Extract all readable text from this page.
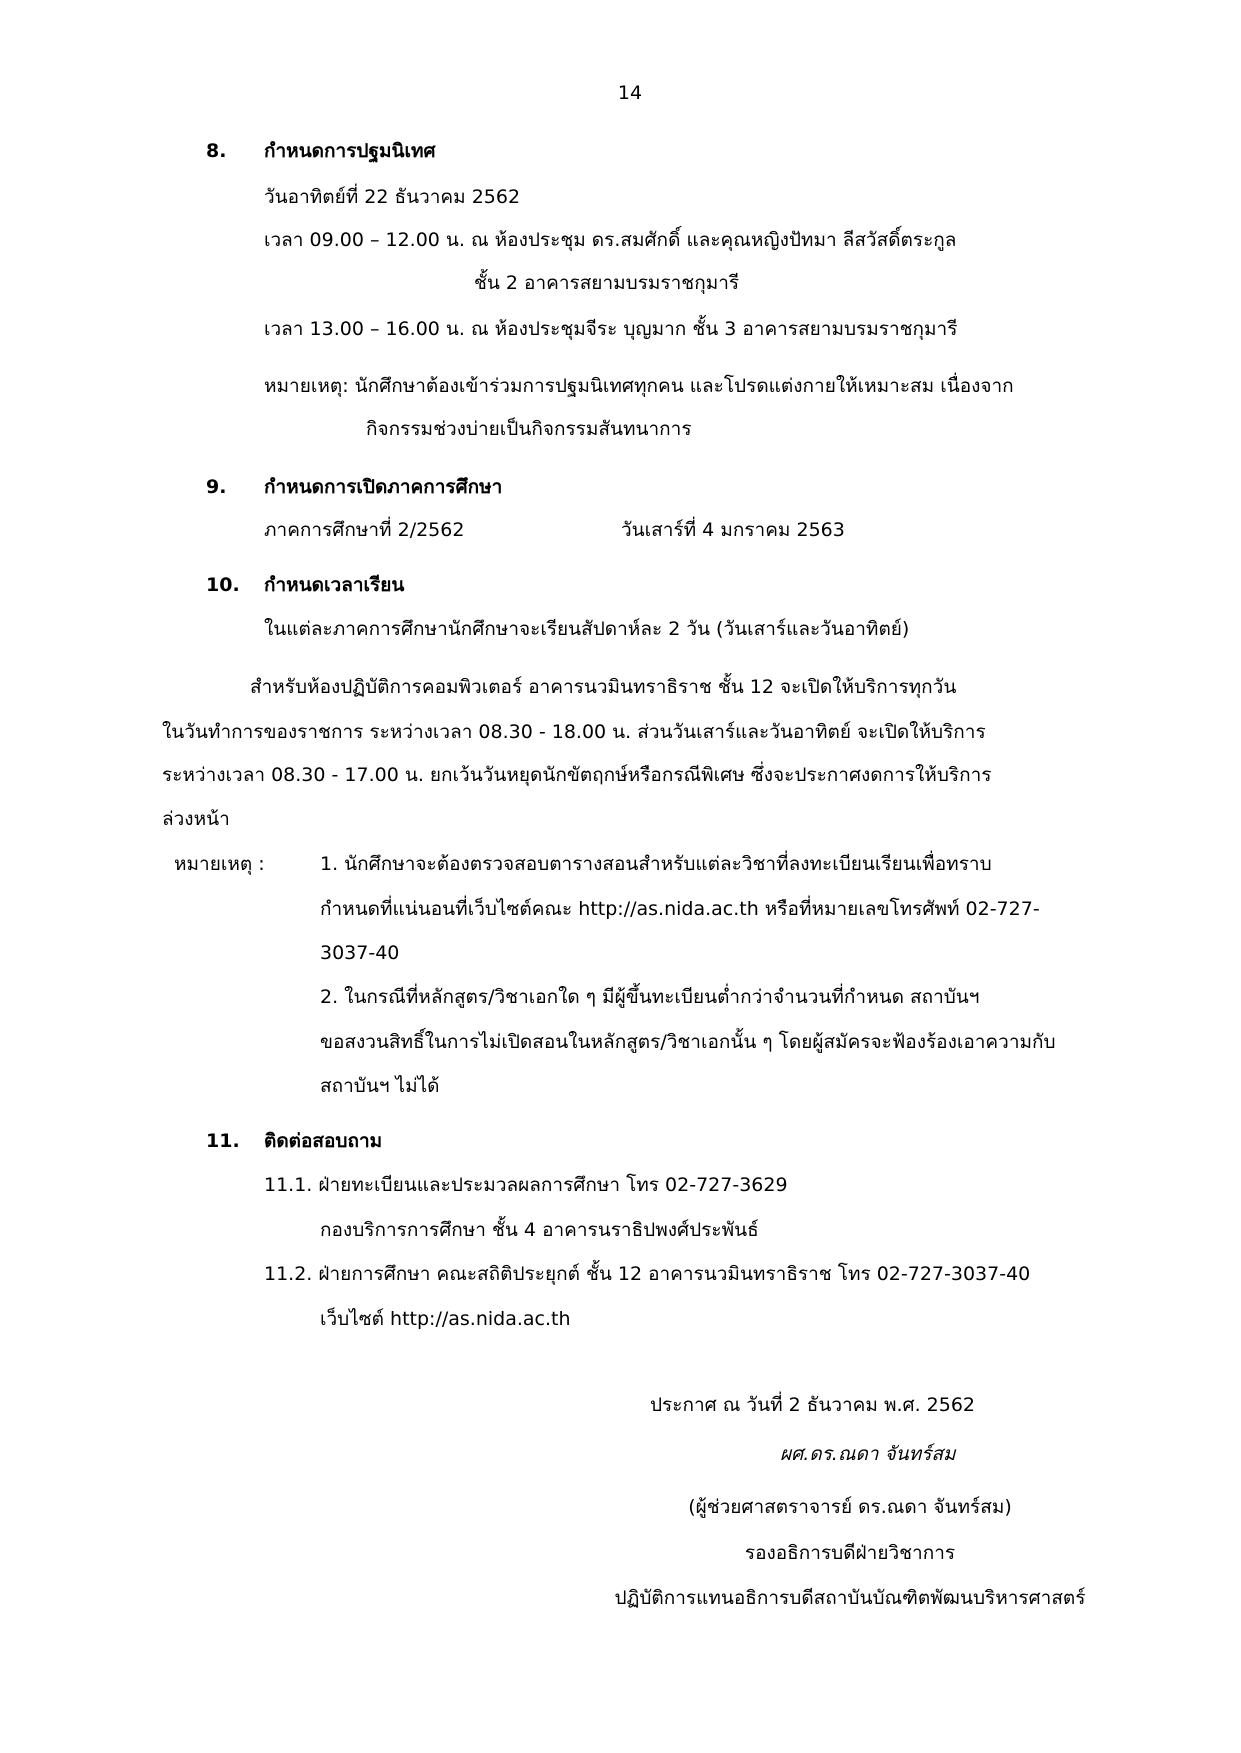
14
8. กำหนดการปฐมนิเทศ
วันอาทิตย์ที่ 22 ธันวาคม 2562
เวลา 09.00 – 12.00 น. ณ ห้องประชุม ดร.สมศักดิ์ และคุณหญิงปัทมา ลีสวัสดิ์ตระกูล
ชั้น 2 อาคารสยามบรมราชกุมารี
เวลา 13.00 – 16.00 น. ณ ห้องประชุมจีระ บุญมาก ชั้น 3 อาคารสยามบรมราชกุมารี
หมายเหตุ: นักศึกษาต้องเข้าร่วมการปฐมนิเทศทุกคน และโปรดแต่งกายให้เหมาะสม เนื่องจาก
กิจกรรมช่วงบ่ายเป็นกิจกรรมสันทนาการ
9. กำหนดการเปิดภาคการศึกษา
ภาคการศึกษาที่ 2/2562	วันเสาร์ที่ 4 มกราคม 2563
10. กำหนดเวลาเรียน
ในแต่ละภาคการศึกษานักศึกษาจะเรียนสัปดาห์ละ 2 วัน (วันเสาร์และวันอาทิตย์)
สำหรับห้องปฏิบัติการคอมพิวเตอร์ อาคารนวมินทราธิราช ชั้น 12 จะเปิดให้บริการทุกวัน
ในวันทำการของราชการ ระหว่างเวลา 08.30 - 18.00 น. ส่วนวันเสาร์และวันอาทิตย์ จะเปิดให้บริการ
ระหว่างเวลา 08.30 - 17.00 น. ยกเว้นวันหยุดนักขัตฤกษ์หรือกรณีพิเศษ ซึ่งจะประกาศงดการให้บริการ
ล่วงหน้า
หมายเหตุ :	1. นักศึกษาจะต้องตรวจสอบตารางสอนสำหรับแต่ละวิชาที่ลงทะเบียนเรียนเพื่อทราบ
กำหนดที่แน่นอนที่เว็บไซต์คณะ http://as.nida.ac.th หรือที่หมายเลขโทรศัพท์ 02-727-
3037-40
2. ในกรณีที่หลักสูตร/วิชาเอกใด ๆ มีผู้ขึ้นทะเบียนต่ำกว่าจำนวนที่กำหนด สถาบันฯ
ขอสงวนสิทธิ์ในการไม่เปิดสอนในหลักสูตร/วิชาเอกนั้น ๆ โดยผู้สมัครจะฟ้องร้องเอาความกับ
สถาบันฯ ไม่ได้
11. ติดต่อสอบถาม
11.1. ฝ่ายทะเบียนและประมวลผลการศึกษา โทร 02-727-3629
กองบริการการศึกษา ชั้น 4 อาคารนราธิปพงศ์ประพันธ์
11.2. ฝ่ายการศึกษา คณะสถิติประยุกต์ ชั้น 12 อาคารนวมินทราธิราช โทร 02-727-3037-40
เว็บไซต์ http://as.nida.ac.th
ประกาศ ณ วันที่ 2 ธันวาคม พ.ศ. 2562
ผศ.ดร.ณดา จันทร์สม
(ผู้ช่วยศาสตราจารย์ ดร.ณดา จันทร์สม)
รองอธิการบดีฝ่ายวิชาการ
ปฏิบัติการแทนอธิการบดีสถาบันบัณฑิตพัฒนบริหารศาสตร์
